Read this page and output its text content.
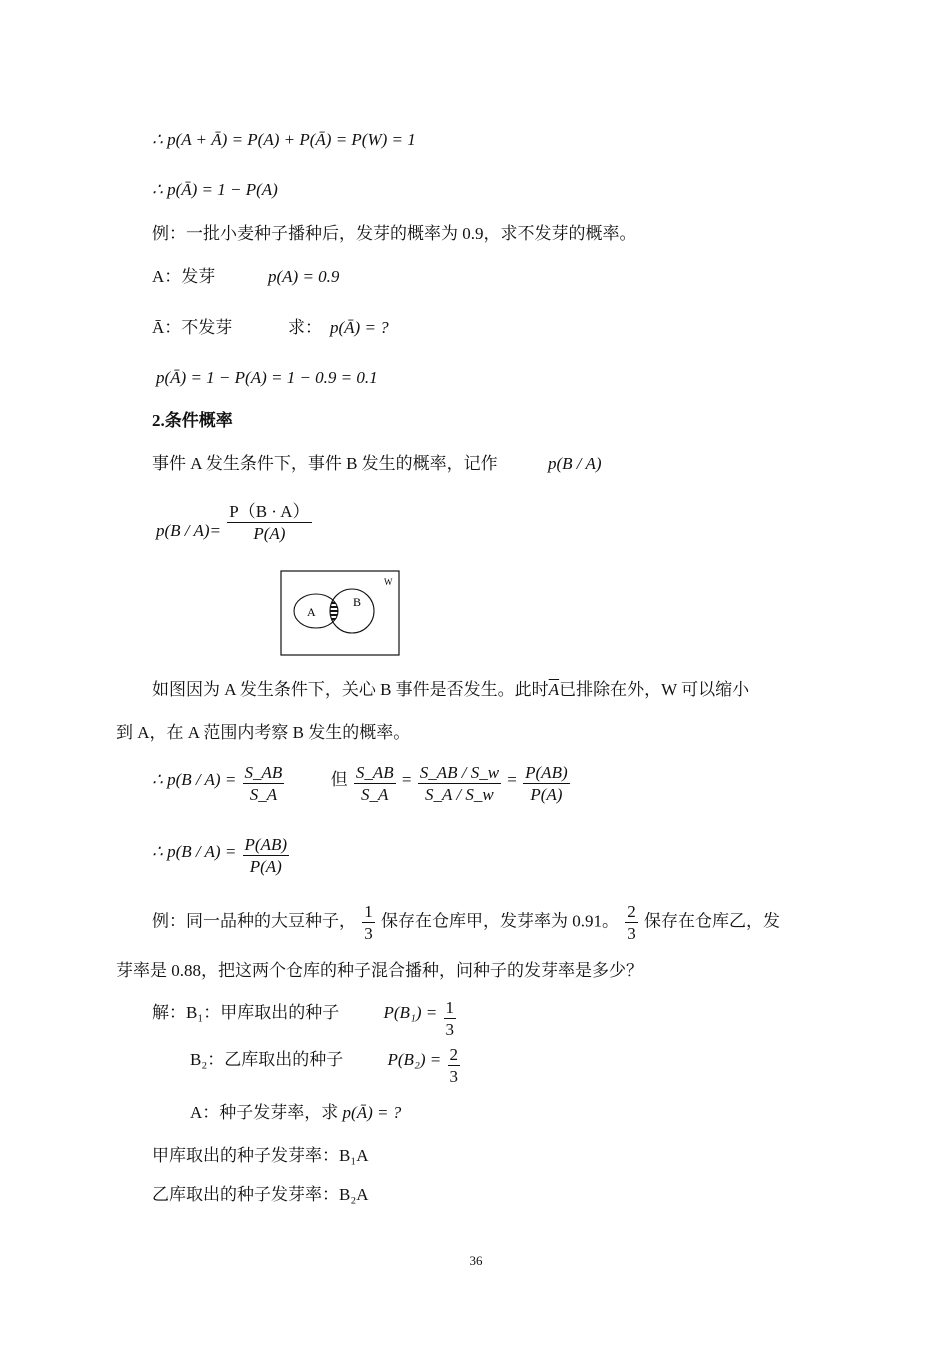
∴ p(A + Ā) = P(A) + P(Ā) = P(W) = 1
∴ p(Ā) = 1 − P(A)
例：一批小麦种子播种后，发芽的概率为 0.9，求不发芽的概率。
A：发芽	p(A) = 0.9
Ā：不发芽	求： p(Ā) = ?
p(Ā) = 1 − P(A) = 1 − 0.9 = 0.1
2.条件概率
事件 A 发生条件下，事件 B 发生的概率，记作	p(B / A)
$p(B / A)= \frac{P(B \cdot A)}{P(A)}$
A
B
W
如图因为 A 发生条件下，关心 B 事件是否发生。此时$\overline{A}$已排除在外，W 可以缩小
到 A，在 A 范围内考察 B 发生的概率。
∴ $p(B / A) = \frac{S\_AB}{S\_A}$	但 $\frac{S\_AB}{S\_A} = \frac{S\_AB / S\_w}{S\_A / S\_w} = \frac{P(AB)}{P(A)}$
∴ $p(B / A) = \frac{P(AB)}{P(A)}$
例：同一品种的大豆种子， $\frac{1}{3}$ 保存在仓库甲，发芽率为 0.91。 $\frac{2}{3}$ 保存在仓库乙，发
芽率是 0.88，把这两个仓库的种子混合播种，问种子的发芽率是多少？
解：B₁：甲库取出的种子	$P(B_1) = \frac{1}{3}$
B₂：乙库取出的种子	$P(B_2) = \frac{2}{3}$
A：种子发芽率，求 p(Ā) = ?
甲库取出的种子发芽率：B₁A
乙库取出的种子发芽率：B₂A
36
